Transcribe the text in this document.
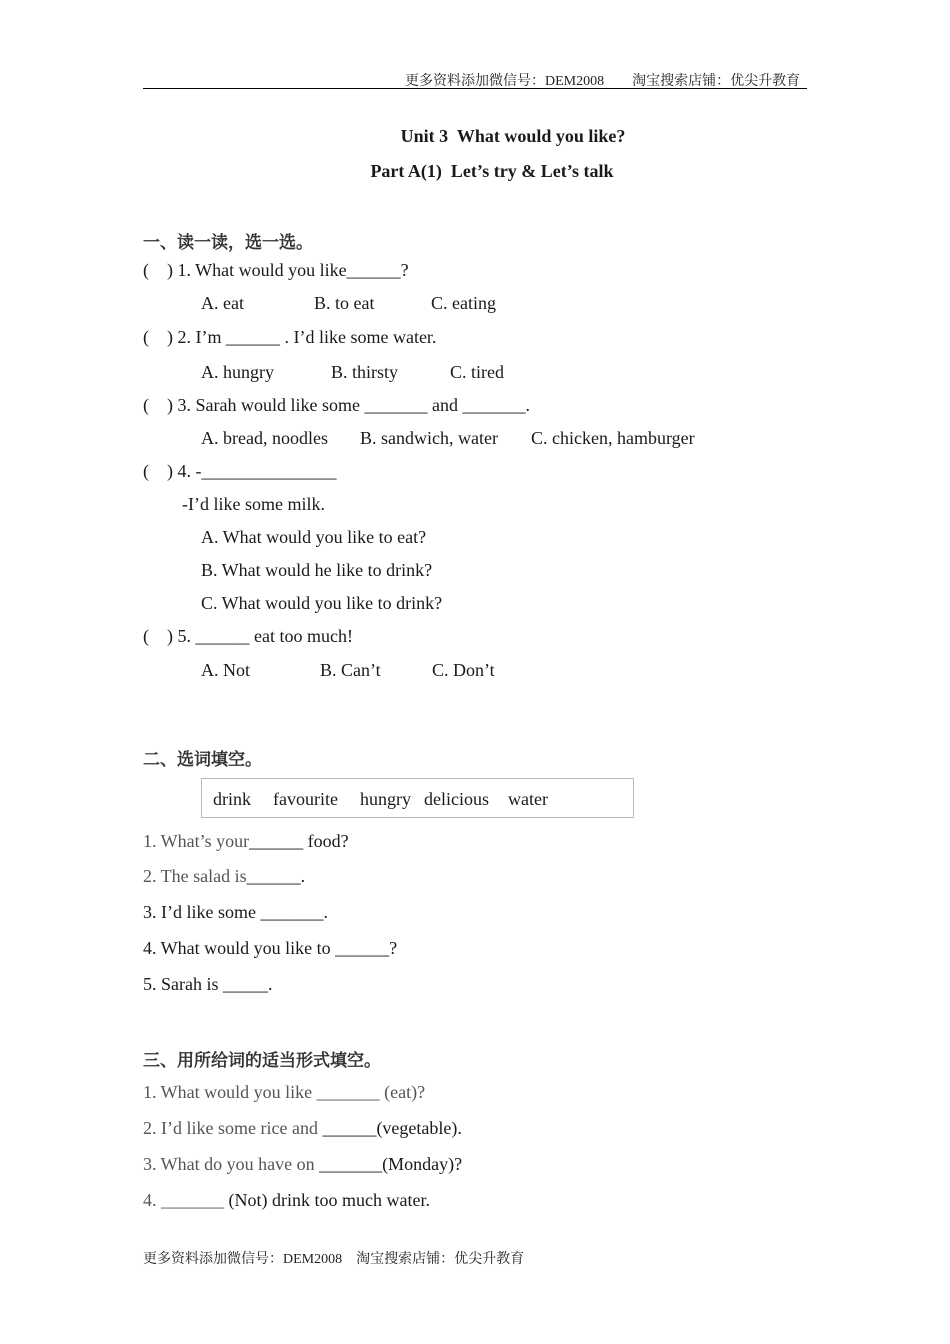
更多资料添加微信号：DEM2008　　淘宝搜索店铺：优尖升教育
Unit 3  What would you like?
Part A(1)  Let’s try & Let’s talk
一、读一读，选一选。
(    ) 1. What would you like______?
A. eat	B. to eat	C. eating
(    ) 2. I’m ______ . I’d like some water.
A. hungry	B. thirsty	C. tired
(    ) 3. Sarah would like some _______ and _______.
A. bread, noodles B. sandwich, water C. chicken, hamburger
(    ) 4. -_______________
-I’d like some milk.
A. What would you like to eat?
B. What would he like to drink?
C. What would you like to drink?
(    ) 5. ______ eat too much!
A. Not	B. Can’t	C. Don’t
二、选词填空。
drink favourite hungry delicious water
1. What’s your______ food?
2. The salad is______.
3. I’d like some _______.
4. What would you like to ______?
5. Sarah is _____.
三、用所给词的适当形式填空。
1. What would you like _______ (eat)?
2. I’d like some rice and ______(vegetable).
3. What do you have on _______(Monday)?
4. _______ (Not) drink too much water.
更多资料添加微信号：DEM2008　淘宝搜索店铺：优尖升教育
